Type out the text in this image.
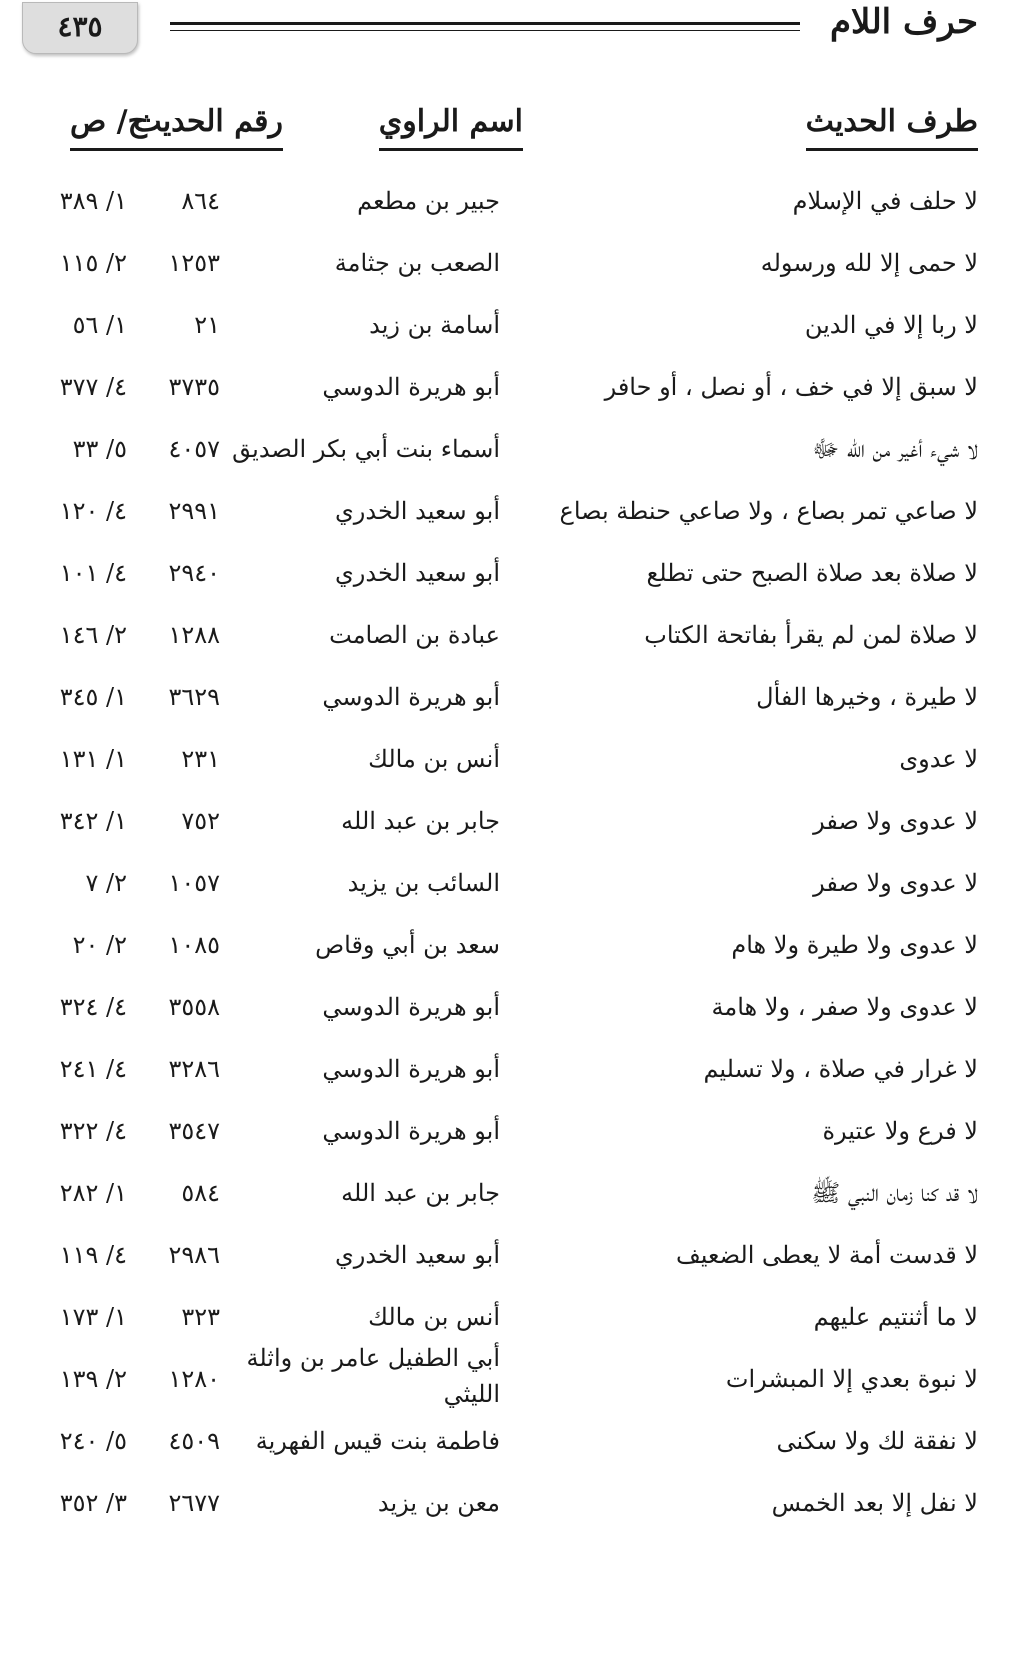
حرف اللام
٤٣٥
طرف الحديث
اسم الراوي
رقم الحديث
ج/ ص
لا حلف في الإسلام
جبير بن مطعم
٨٦٤
١/ ٣٨٩
لا حمى إلا لله ورسوله
الصعب بن جثامة
١٢٥٣
٢/ ١١٥
لا ربا إلا في الدين
أسامة بن زيد
٢١
١/ ٥٦
لا سبق إلا في خف ، أو نصل ، أو حافر
أبو هريرة الدوسي
٣٧٣٥
٤/ ٣٧٧
لا شيء أغير من الله ﷻ
أسماء بنت أبي بكر الصديق
٤٠٥٧
٥/ ٣٣
لا صاعي تمر بصاع ، ولا صاعي حنطة بصاع
أبو سعيد الخدري
٢٩٩١
٤/ ١٢٠
لا صلاة بعد صلاة الصبح حتى تطلع
أبو سعيد الخدري
٢٩٤٠
٤/ ١٠١
لا صلاة لمن لم يقرأ بفاتحة الكتاب
عبادة بن الصامت
١٢٨٨
٢/ ١٤٦
لا طيرة ، وخيرها الفأل
أبو هريرة الدوسي
٣٦٢٩
١/ ٣٤٥
لا عدوى
أنس بن مالك
٢٣١
١/ ١٣١
لا عدوى ولا صفر
جابر بن عبد الله
٧٥٢
١/ ٣٤٢
لا عدوى ولا صفر
السائب بن يزيد
١٠٥٧
٢/ ٧
لا عدوى ولا طيرة ولا هام
سعد بن أبي وقاص
١٠٨٥
٢/ ٢٠
لا عدوى ولا صفر ، ولا هامة
أبو هريرة الدوسي
٣٥٥٨
٤/ ٣٢٤
لا غرار في صلاة ، ولا تسليم
أبو هريرة الدوسي
٣٢٨٦
٤/ ٢٤١
لا فرع ولا عتيرة
أبو هريرة الدوسي
٣٥٤٧
٤/ ٣٢٢
لا قد كنا زمان النبي ﷺ
جابر بن عبد الله
٥٨٤
١/ ٢٨٢
لا قدست أمة لا يعطى الضعيف
أبو سعيد الخدري
٢٩٨٦
٤/ ١١٩
لا ما أثنتيم عليهم
أنس بن مالك
٣٢٣
١/ ١٧٣
لا نبوة بعدي إلا المبشرات
أبي الطفيل عامر بن واثلة الليثي
١٢٨٠
٢/ ١٣٩
لا نفقة لك ولا سكنى
فاطمة بنت قيس الفهرية
٤٥٠٩
٥/ ٢٤٠
لا نفل إلا بعد الخمس
معن بن يزيد
٢٦٧٧
٣/ ٣٥٢
